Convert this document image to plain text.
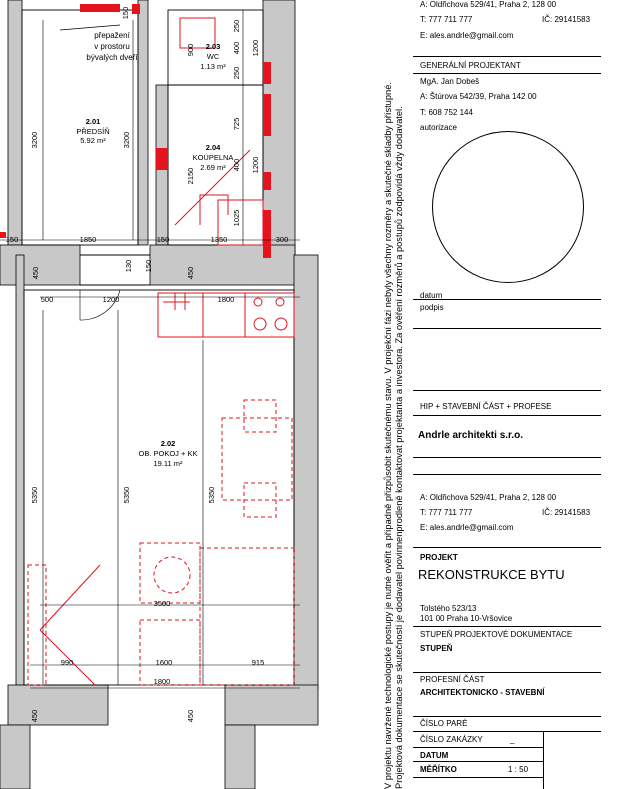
2.01
PŘEDSÍŇ
5.92 m²
2.03
WC
1.13 m²
2.04
KOUPELNA
2.69 m²
2.02
OB. POKOJ + KK
19.11 m²
přepažení
v prostoru
bývalých dveří
150
3200	3200
900
250
400 1200
250
725
400 1200
2150
1025
150	1850	150	1350	300
450
130 150
450
500	1200	1800
5350	5350	5350
3500
990	1600	915
1800
450	450	V projektu navržené technologické postupy je nutné ověřit a případně přizpůsobit skutečnému stavu. V projekční fázi nebyly všechny rozměry a skutečné skladby přístupné. Projektová dokumentace se skutečností je dodavatel povinnenprodleně kontaktovat projektanta a investora. Za ověření rozměrů a postupů zodpovídá vždy dodavatel.
A: Oldřichova 529/41, Praha 2, 128 00
T: 777 711 777	IČ: 29141583
E: ales.andrle@gmail.com
GENERÁLNÍ PROJEKTANT
MgA. Jan Dobeš
A: Štúrova 542/39, Praha 142 00
T: 608 752 144
autorizace
datum
podpis
HIP + STAVEBNÍ ČÁST + PROFESE
Andrle architekti s.r.o.
A: Oldřichova 529/41, Praha 2, 128 00
T: 777 711 777	IČ: 29141583
E: ales.andrle@gmail.com
PROJEKT
REKONSTRUKCE BYTU
Tolstého 523/13
101 00 Praha 10-Vršovice
STUPEŇ PROJEKTOVÉ DOKUMENTACE
STUPEŇ
PROFESNÍ ČÁST
ARCHITEKTONICKO - STAVEBNÍ
ČÍSLO PARÉ
ČÍSLO ZAKÁZKY	_
DATUM
MĚŘÍTKO	1 : 50
